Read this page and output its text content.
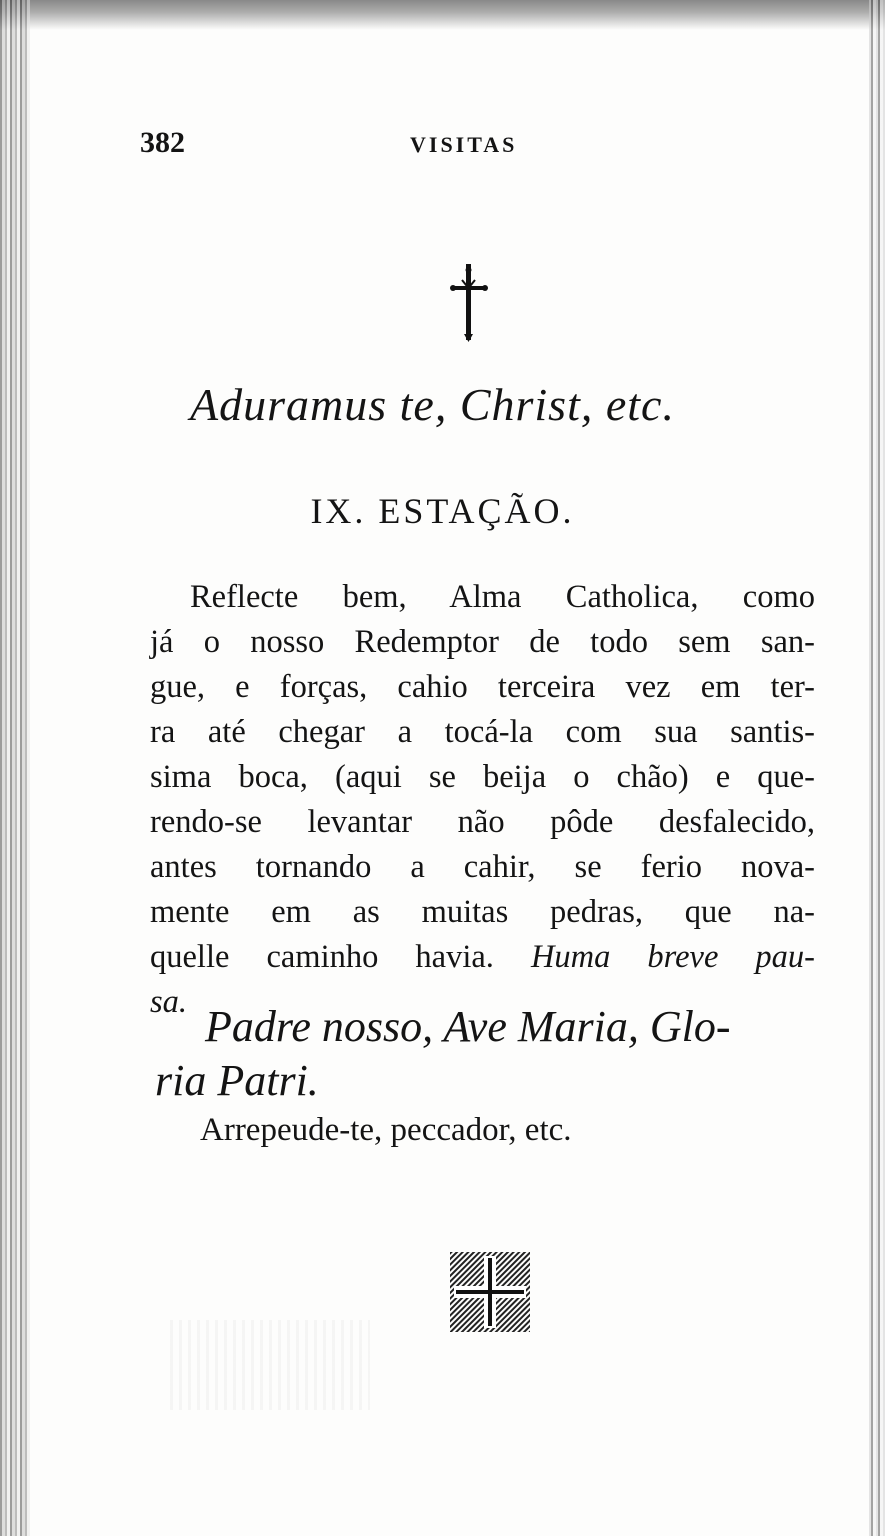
382	VISITAS
Aduramus te, Christ, etc.
IX. ESTAÇÃO.
Reflecte bem, Alma Catholica, como
já o nosso Redemptor de todo sem san-
gue, e forças, cahio terceira vez em ter-
ra até chegar a tocá-la com sua santis-
sima boca, (aqui se beija o chão) e que-
rendo-se levantar não pôde desfalecido,
antes tornando a cahir, se ferio nova-
mente em as muitas pedras, que na-
quelle caminho havia. Huma breve pau-
sa. Padre nosso, Ave Maria, Glo-
ria Patri.
Arrepeude-te, peccador, etc.
